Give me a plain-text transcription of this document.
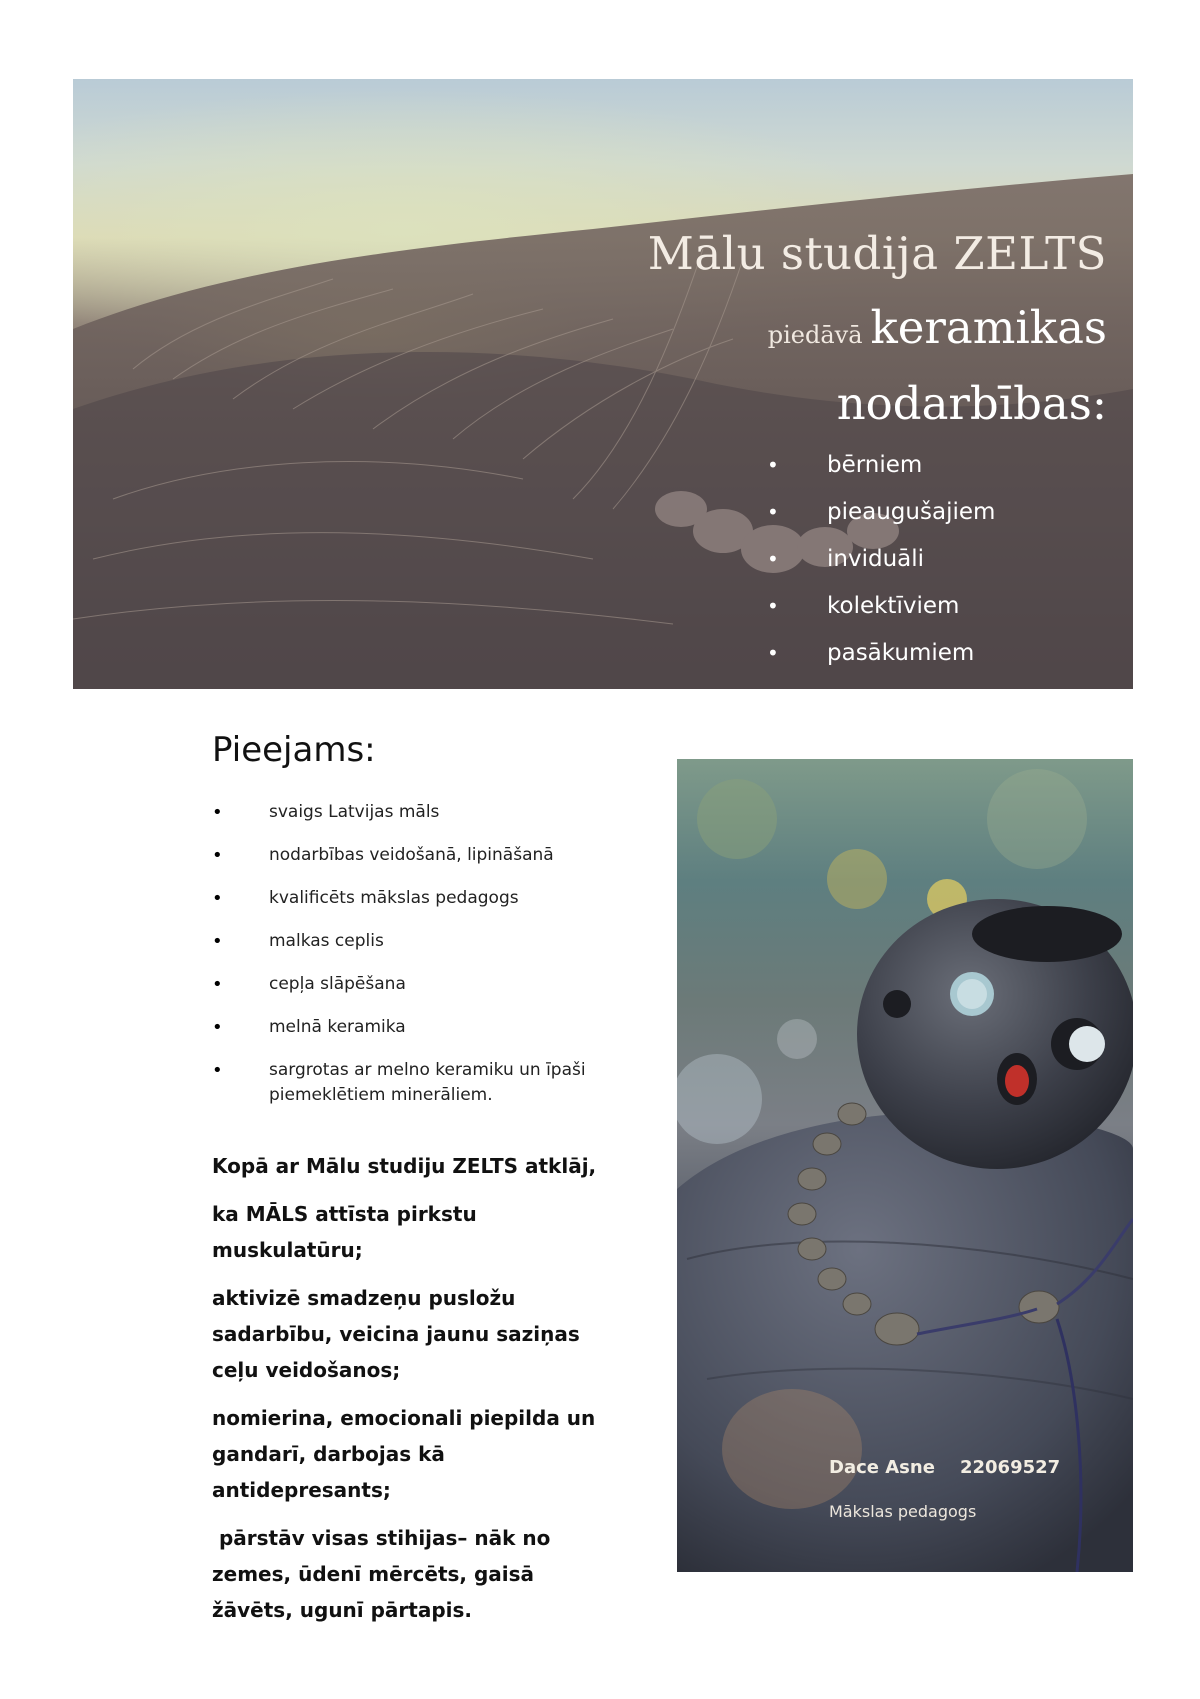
Mālu studija ZELTS
piedāvā keramikas
nodarbības:
•	bērniem
•	pieaugušajiem
•	inviduāli
•	kolektīviem
•	pasākumiem
Pieejams:
•	svaigs Latvijas māls
•	nodarbības veidošanā, lipināšanā
•	kvalificēts mākslas pedagogs
•	malkas ceplis
•	cepļa slāpēšana
•	melnā keramika
•	sargrotas ar melno keramiku un īpaši piemeklētiem minerāliem.

Kopā ar Mālu studiju ZELTS atklāj,

ka MĀLS attīsta pirkstu muskulatūru;

aktivizē smadzeņu pusložu sadarbību, veicina jaunu saziņas ceļu veidošanos;

nomierina, emocionali piepilda un gandarī, darbojas kā antidepresants;

pārstāv visas stihijas– nāk no zemes, ūdenī mērcēts, gaisā žāvēts, ugunī pārtapis.

Dace Asne 22069527
Mākslas pedagogs
